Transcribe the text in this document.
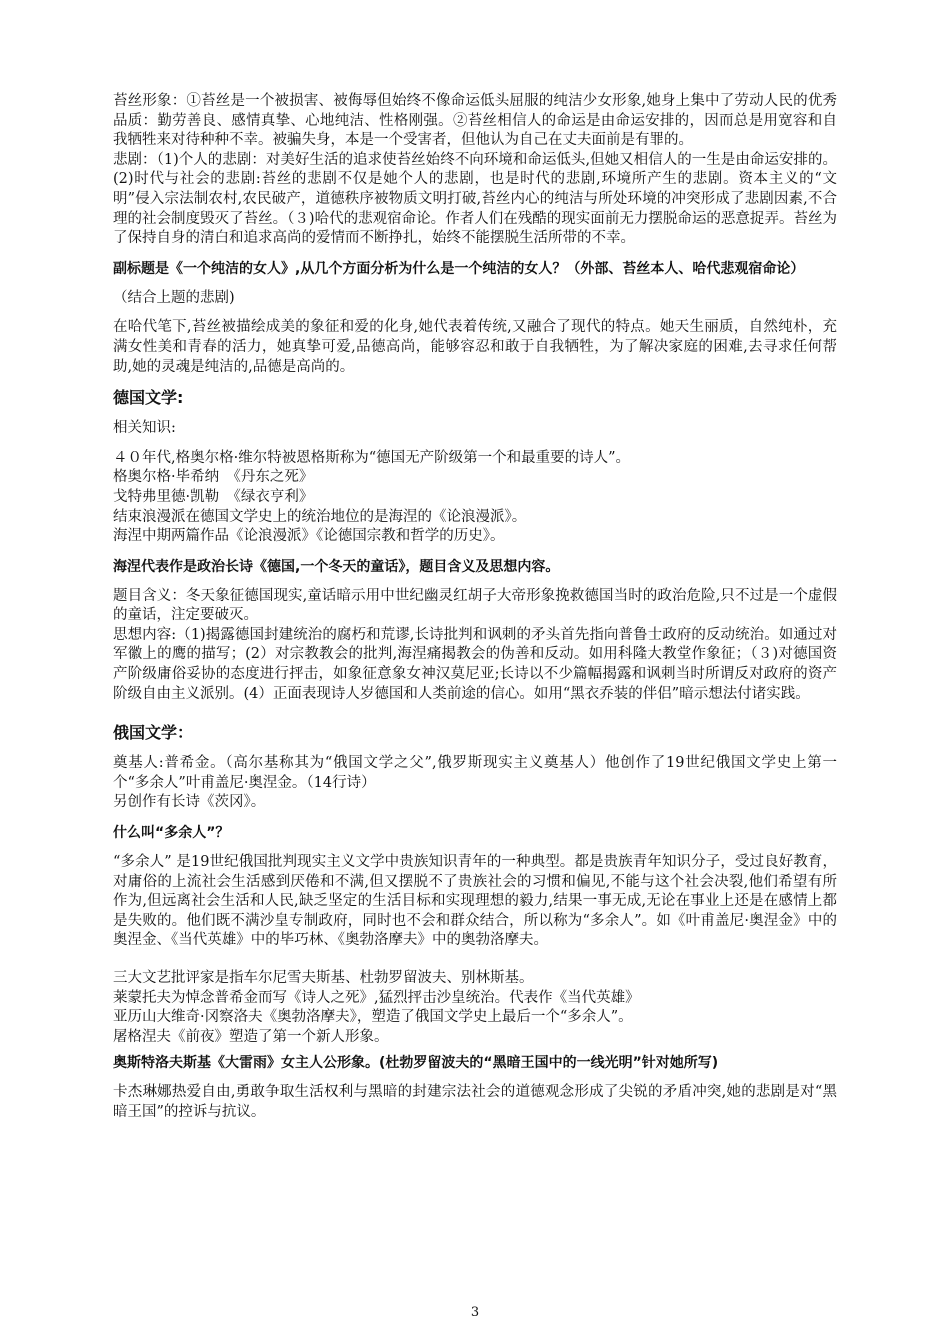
苔丝形象：①苔丝是一个被损害、被侮辱但始终不像命运低头屈服的纯洁少女形象,她身上集中了劳动人民的优秀品质：勤劳善良、感情真挚、心地纯洁、性格刚强。②苔丝相信人的命运是由命运安排的，因而总是用宽容和自我牺牲来对待种种不幸。被骗失身，本是一个受害者，但他认为自己在丈夫面前是有罪的。

悲剧：（1)个人的悲剧：对美好生活的追求使苔丝始终不向环境和命运低头,但她又相信人的一生是由命运安排的。(2)时代与社会的悲剧:苔丝的悲剧不仅是她个人的悲剧，也是时代的悲剧,环境所产生的悲剧。资本主义的“文明”侵入宗法制农村,农民破产，道德秩序被物质文明打破,苔丝内心的纯洁与所处环境的冲突形成了悲剧因素,不合理的社会制度毁灭了苔丝。（３)哈代的悲观宿命论。作者人们在残酷的现实面前无力摆脱命运的恶意捉弄。苔丝为了保持自身的清白和追求高尚的爱情而不断挣扎，始终不能摆脱生活所带的不幸。

副标题是《一个纯洁的女人》,从几个方面分析为什么是一个纯洁的女人？（外部、苔丝本人、哈代悲观宿命论）

（结合上题的悲剧)

在哈代笔下,苔丝被描绘成美的象征和爱的化身,她代表着传统,又融合了现代的特点。她天生丽质，自然纯朴，充满女性美和青春的活力，她真挚可爱,品德高尚，能够容忍和敢于自我牺牲，为了解决家庭的困难,去寻求任何帮助,她的灵魂是纯洁的,品德是高尚的。

德国文学:

相关知识:

４０年代,格奥尔格·维尔特被恩格斯称为“德国无产阶级第一个和最重要的诗人”。

格奥尔格·毕希纳　《丹东之死》

戈特弗里德·凯勒　《绿衣亨利》

结束浪漫派在德国文学史上的统治地位的是海涅的《论浪漫派》。

海涅中期两篇作品《论浪漫派》《论德国宗教和哲学的历史》。

海涅代表作是政治长诗《德国,一个冬天的童话》，题目含义及思想内容。

题目含义：冬天象征德国现实,童话暗示用中世纪幽灵红胡子大帝形象挽救德国当时的政治危险,只不过是一个虚假的童话，注定要破灭。

思想内容:（1)揭露德国封建统治的腐朽和荒谬,长诗批判和讽刺的矛头首先指向普鲁士政府的反动统治。如通过对军徽上的鹰的描写；(2）对宗教教会的批判,海涅痛揭教会的伪善和反动。如用科隆大教堂作象征；（３)对德国资产阶级庸俗妥协的态度进行抨击，如象征意象女神汉莫尼亚;长诗以不少篇幅揭露和讽刺当时所谓反对政府的资产阶级自由主义派别。(4）正面表现诗人岁德国和人类前途的信心。如用“黑衣乔装的伴侣”暗示想法付诸实践。

俄国文学：

奠基人:普希金。（高尔基称其为“俄国文学之父”,俄罗斯现实主义奠基人）他创作了19世纪俄国文学史上第一个“多余人”叶甫盖尼·奥涅金。（14行诗）

另创作有长诗《茨冈》。

什么叫“多余人”？

“多余人” 是19世纪俄国批判现实主义文学中贵族知识青年的一种典型。都是贵族青年知识分子，受过良好教育，对庸俗的上流社会生活感到厌倦和不满,但又摆脱不了贵族社会的习惯和偏见,不能与这个社会决裂,他们希望有所作为,但远离社会生活和人民,缺乏坚定的生活目标和实现理想的毅力,结果一事无成,无论在事业上还是在感情上都是失败的。他们既不满沙皇专制政府，同时也不会和群众结合，所以称为“多余人”。如《叶甫盖尼·奥涅金》中的奥涅金、《当代英雄》中的毕巧林、《奥勃洛摩夫》中的奥勃洛摩夫。

三大文艺批评家是指车尔尼雪夫斯基、杜勃罗留波夫、别林斯基。

莱蒙托夫为悼念普希金而写《诗人之死》,猛烈抨击沙皇统治。代表作《当代英雄》

亚历山大维奇·冈察洛夫《奥勃洛摩夫》，塑造了俄国文学史上最后一个“多余人”。

屠格涅夫《前夜》塑造了第一个新人形象。

奥斯特洛夫斯基《大雷雨》女主人公形象。(杜勃罗留波夫的“黑暗王国中的一线光明”针对她所写)

卡杰琳娜热爱自由,勇敢争取生活权利与黑暗的封建宗法社会的道德观念形成了尖锐的矛盾冲突,她的悲剧是对“黑暗王国”的控诉与抗议。

3
